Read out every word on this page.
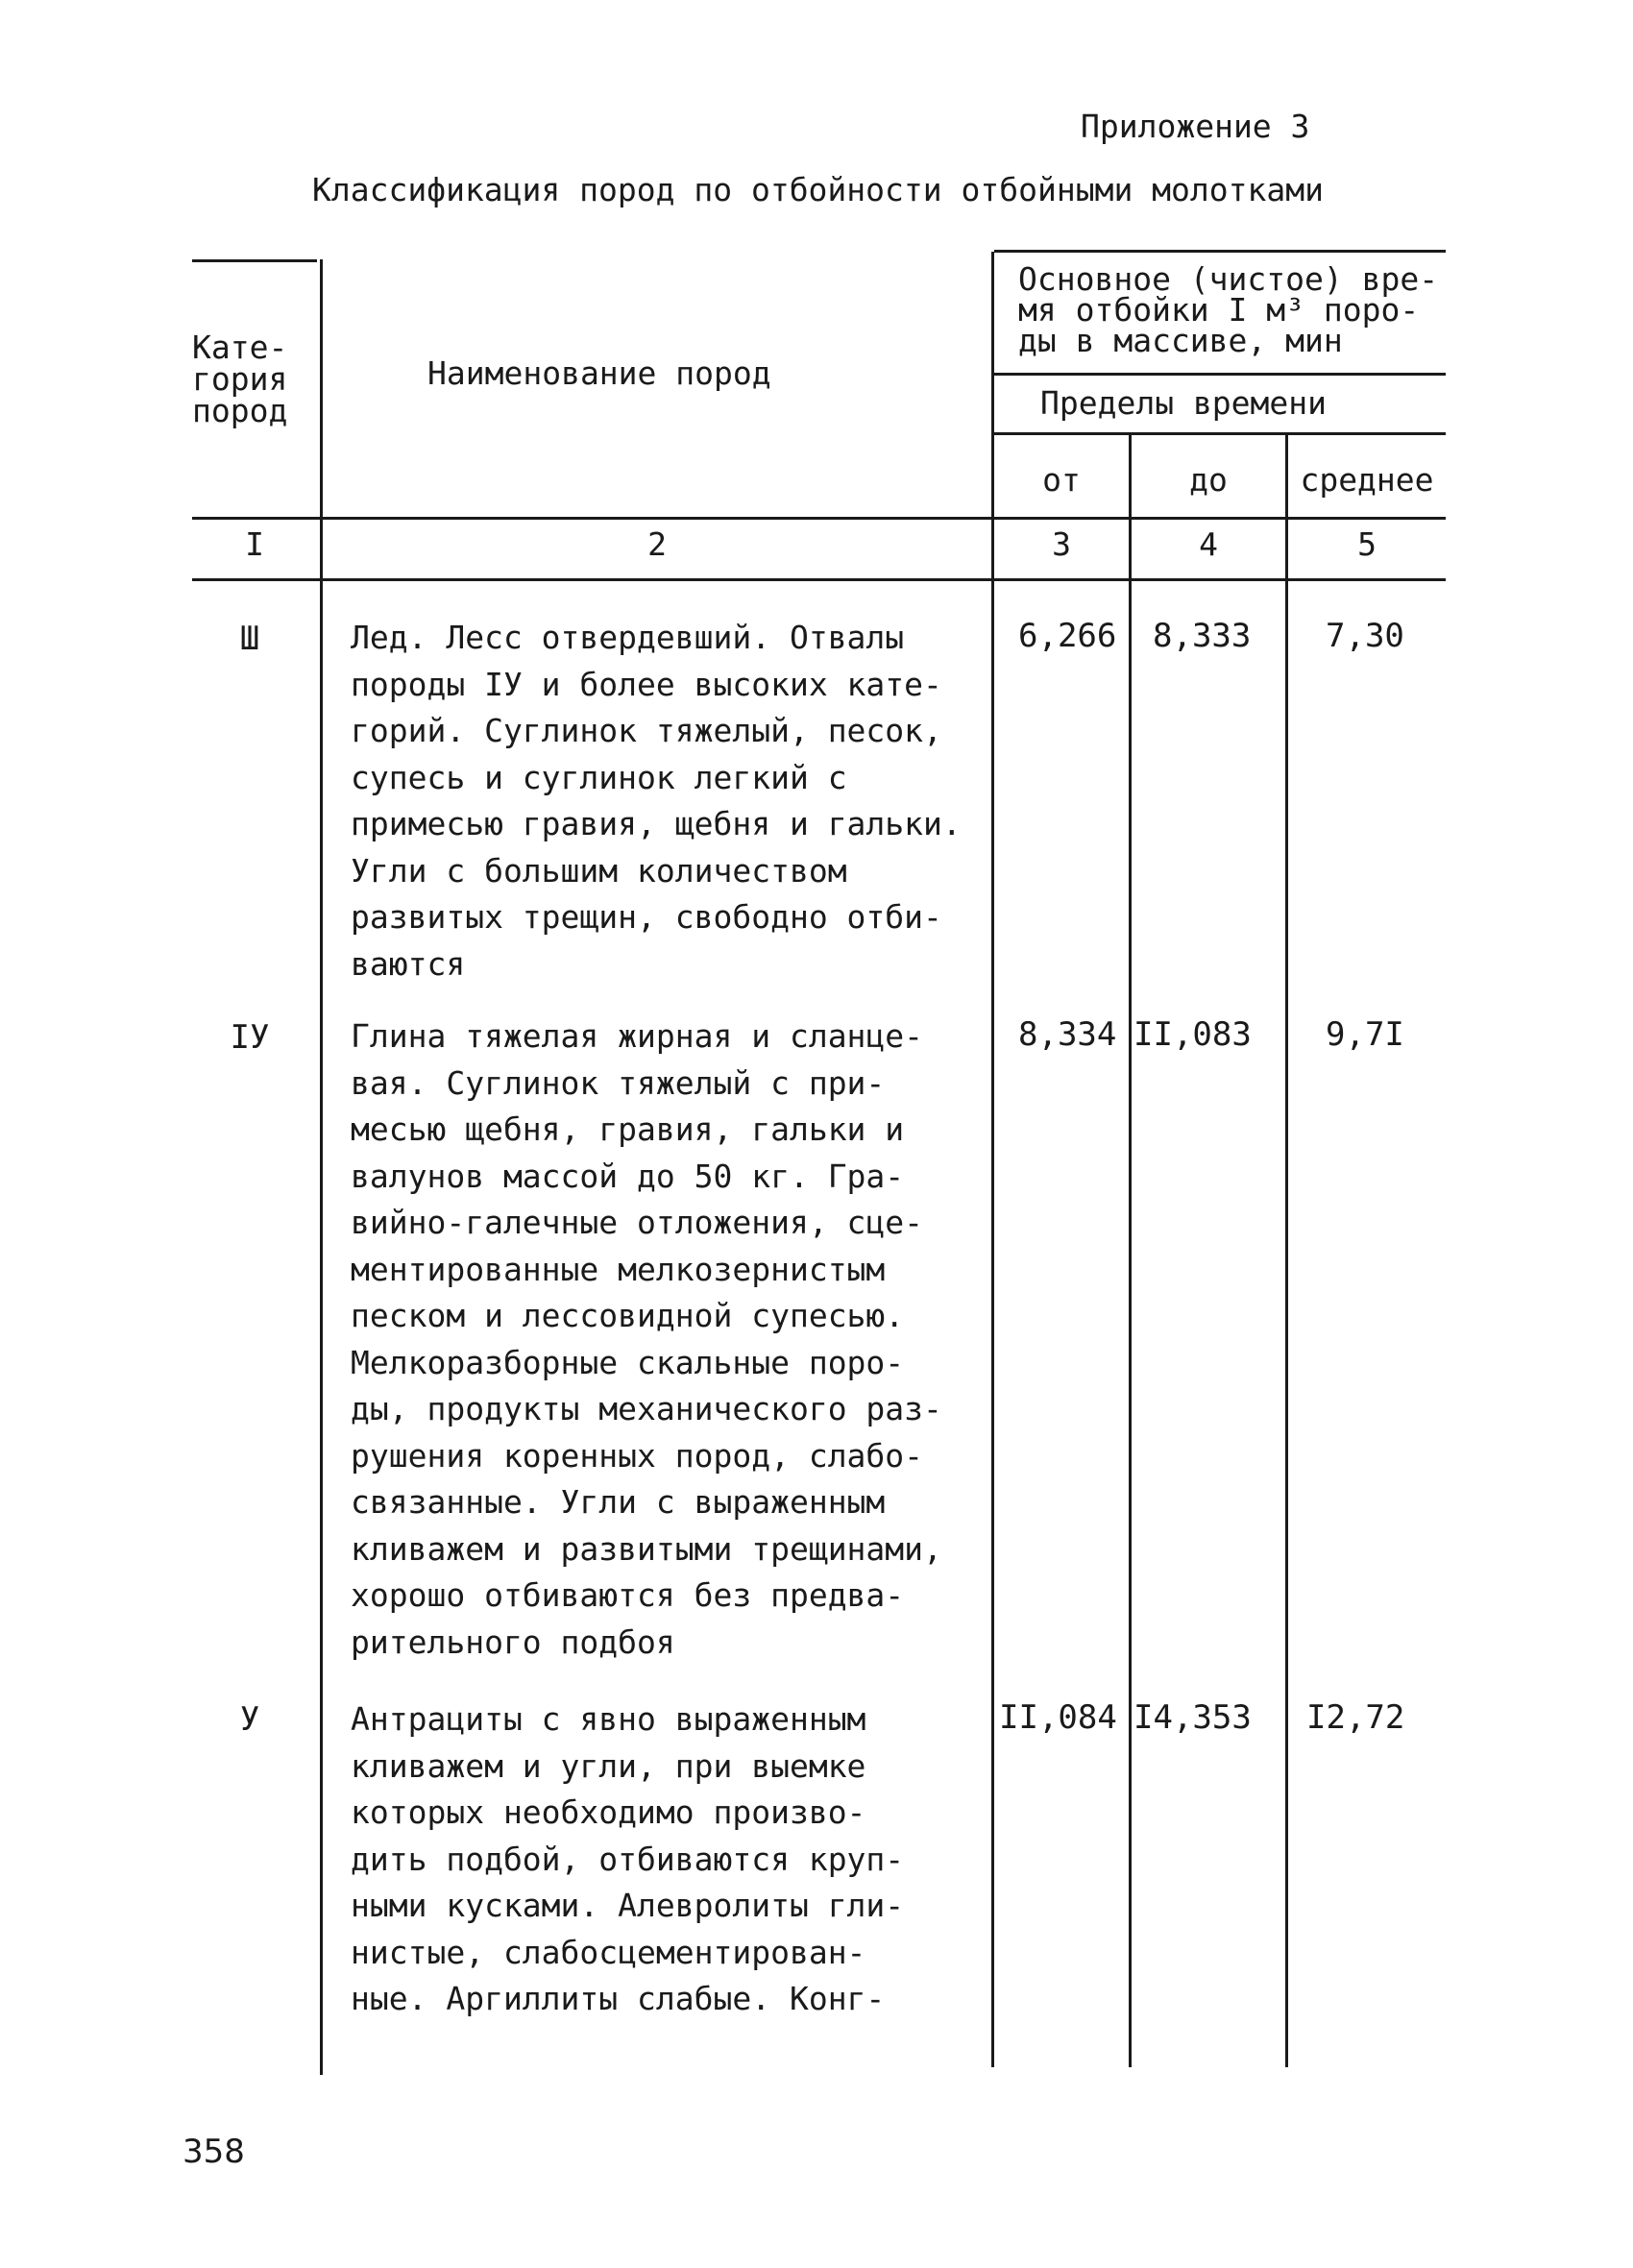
Приложение 3
Классификация пород по отбойности отбойными молотками
Кате-
гория
пород
Наименование пород
Основное (чистое) вре-
мя отбойки I м³ поро-
ды в массиве, мин
Пределы времени
от	до	среднее
I	2	3	4	5
Ш	Лед. Лесс отвердевший. Отвалы
породы IУ и более высоких кате-
горий. Суглинок тяжелый, песок,
супесь и суглинок легкий с
примесью гравия, щебня и гальки.
Угли с большим количеством
развитых трещин, свободно отби-
ваются
6,266 8,333 7,30
IУ	Глина тяжелая жирная и сланце-
вая. Суглинок тяжелый с при-
месью щебня, гравия, гальки и
валунов массой до 50 кг. Гра-
вийно-галечные отложения, сце-
ментированные мелкозернистым
песком и лессовидной супесью.
Мелкоразборные скальные поро-
ды, продукты механического раз-
рушения коренных пород, слабо-
связанные. Угли с выраженным
кливажем и развитыми трещинами,
хорошо отбиваются без предва-
рительного подбоя
8,334 II,083 9,7I
У	Антрациты с явно выраженным
кливажем и угли, при выемке
которых необходимо произво-
дить подбой, отбиваются круп-
ными кусками. Алевролиты гли-
нистые, слабосцементирован-
ные. Аргиллиты слабые. Конг-
II,084 I4,353 I2,72
358
